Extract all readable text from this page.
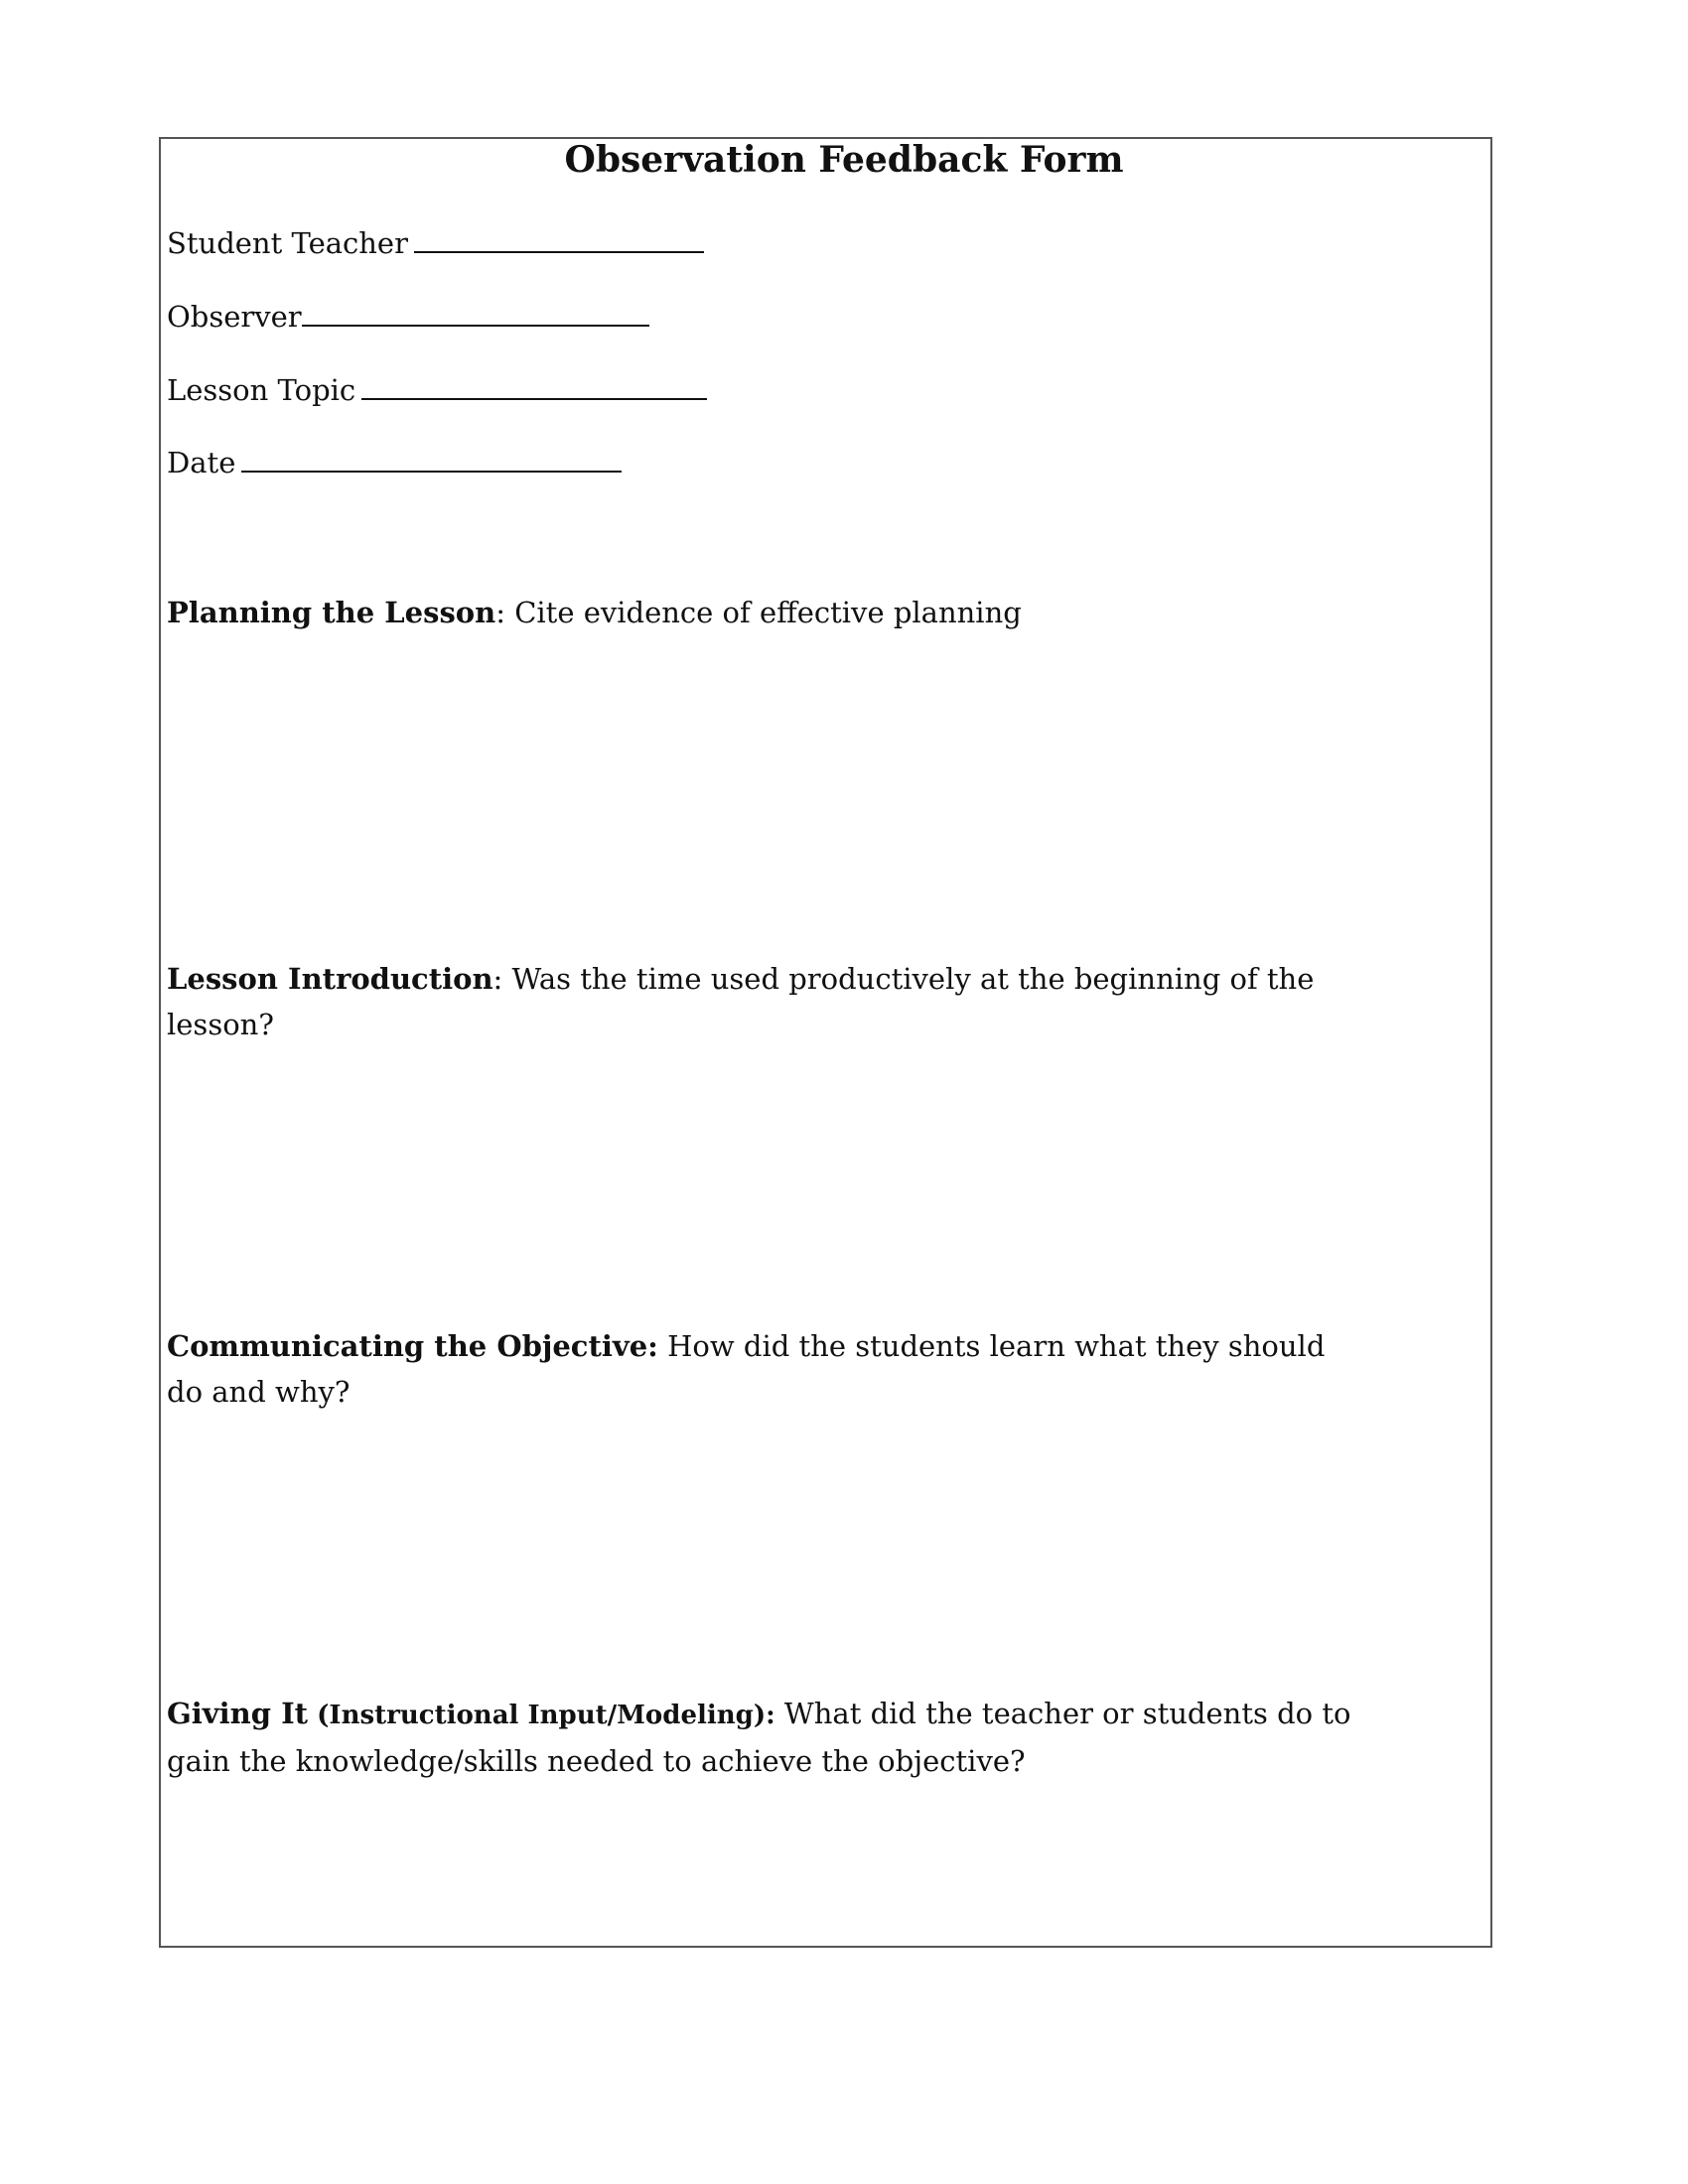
Observation Feedback Form
Student Teacher
Observer
Lesson Topic
Date

Planning the Lesson: Cite evidence of effective planning

Lesson Introduction: Was the time used productively at the beginning of the lesson?

Communicating the Objective: How did the students learn what they should do and why?

Giving It (Instructional Input/Modeling): What did the teacher or students do to gain the knowledge/skills needed to achieve the objective?
